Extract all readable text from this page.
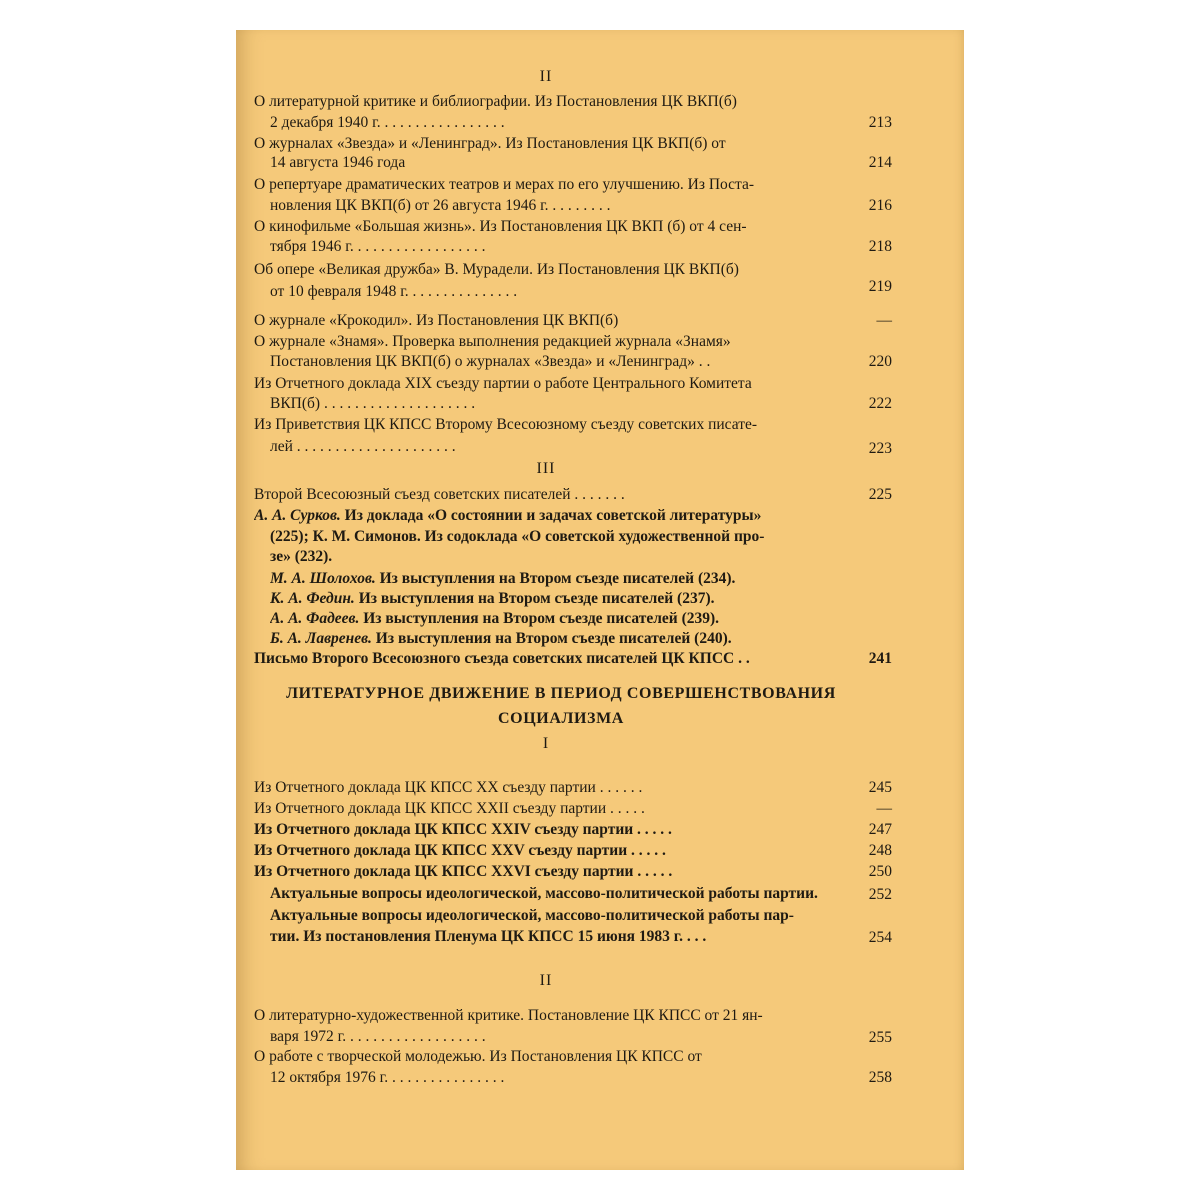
II
О литературной критике и библиографии. Из Постановления ЦК ВКП(б)
2 декабря 1940 г. . . . . . . . . . . . . . . . .	213
О журналах «Звезда» и «Ленинград». Из Постановления ЦК ВКП(б) от
14 августа 1946 года	214
О репертуаре драматических театров и мерах по его улучшению. Из Поста-
новления ЦК ВКП(б) от 26 августа 1946 г. . . . . . . . .	216
О кинофильме «Большая жизнь». Из Постановления ЦК ВКП (б) от 4 сен-
тября 1946 г. . . . . . . . . . . . . . . . . .	218
Об опере «Великая дружба» В. Мурадели. Из Постановления ЦК ВКП(б)
от 10 февраля 1948 г. . . . . . . . . . . . . . .	219
О журнале «Крокодил». Из Постановления ЦК ВКП(б)	—
О журнале «Знамя». Проверка выполнения редакцией журнала «Знамя»
Постановления ЦК ВКП(б) о журналах «Звезда» и «Ленинград» . .	220
Из Отчетного доклада XIX съезду партии о работе Центрального Комитета
ВКП(б) . . . . . . . . . . . . . . . . . . . .	222
Из Приветствия ЦК КПСС Второму Всесоюзному съезду советских писате-
лей . . . . . . . . . . . . . . . . . . . . .	223
III
Второй Всесоюзный съезд советских писателей . . . . . . .	225
А. А. Сурков. Из доклада «О состоянии и задачах советской литературы»
(225); К. М. Симонов. Из содоклада «О советской художественной про-
зе» (232).
М. А. Шолохов. Из выступления на Втором съезде писателей (234).
К. А. Федин. Из выступления на Втором съезде писателей (237).
А. А. Фадеев. Из выступления на Втором съезде писателей (239).
Б. А. Лавренев. Из выступления на Втором съезде писателей (240).
Письмо Второго Всесоюзного съезда советских писателей ЦК КПСС . .	241
ЛИТЕРАТУРНОЕ ДВИЖЕНИЕ В ПЕРИОД СОВЕРШЕНСТВОВАНИЯ
СОЦИАЛИЗМА
I
Из Отчетного доклада ЦК КПСС XX съезду партии . . . . . .	245
Из Отчетного доклада ЦК КПСС XXII съезду партии . . . . .	—
Из Отчетного доклада ЦК КПСС XXIV съезду партии . . . . .	247
Из Отчетного доклада ЦК КПСС XXV съезду партии . . . . .	248
Из Отчетного доклада ЦК КПСС XXVI съезду партии . . . . .	250
Актуальные вопросы идеологической, массово-политической работы партии.	252
Актуальные вопросы идеологической, массово-политической работы пар-
тии. Из постановления Пленума ЦК КПСС 15 июня 1983 г. . . .	254
II
О литературно-художественной критике. Постановление ЦК КПСС от 21 ян-
варя 1972 г. . . . . . . . . . . . . . . . . . .	255
О работе с творческой молодежью. Из Постановления ЦК КПСС от
12 октября 1976 г. . . . . . . . . . . . . . . .	258
